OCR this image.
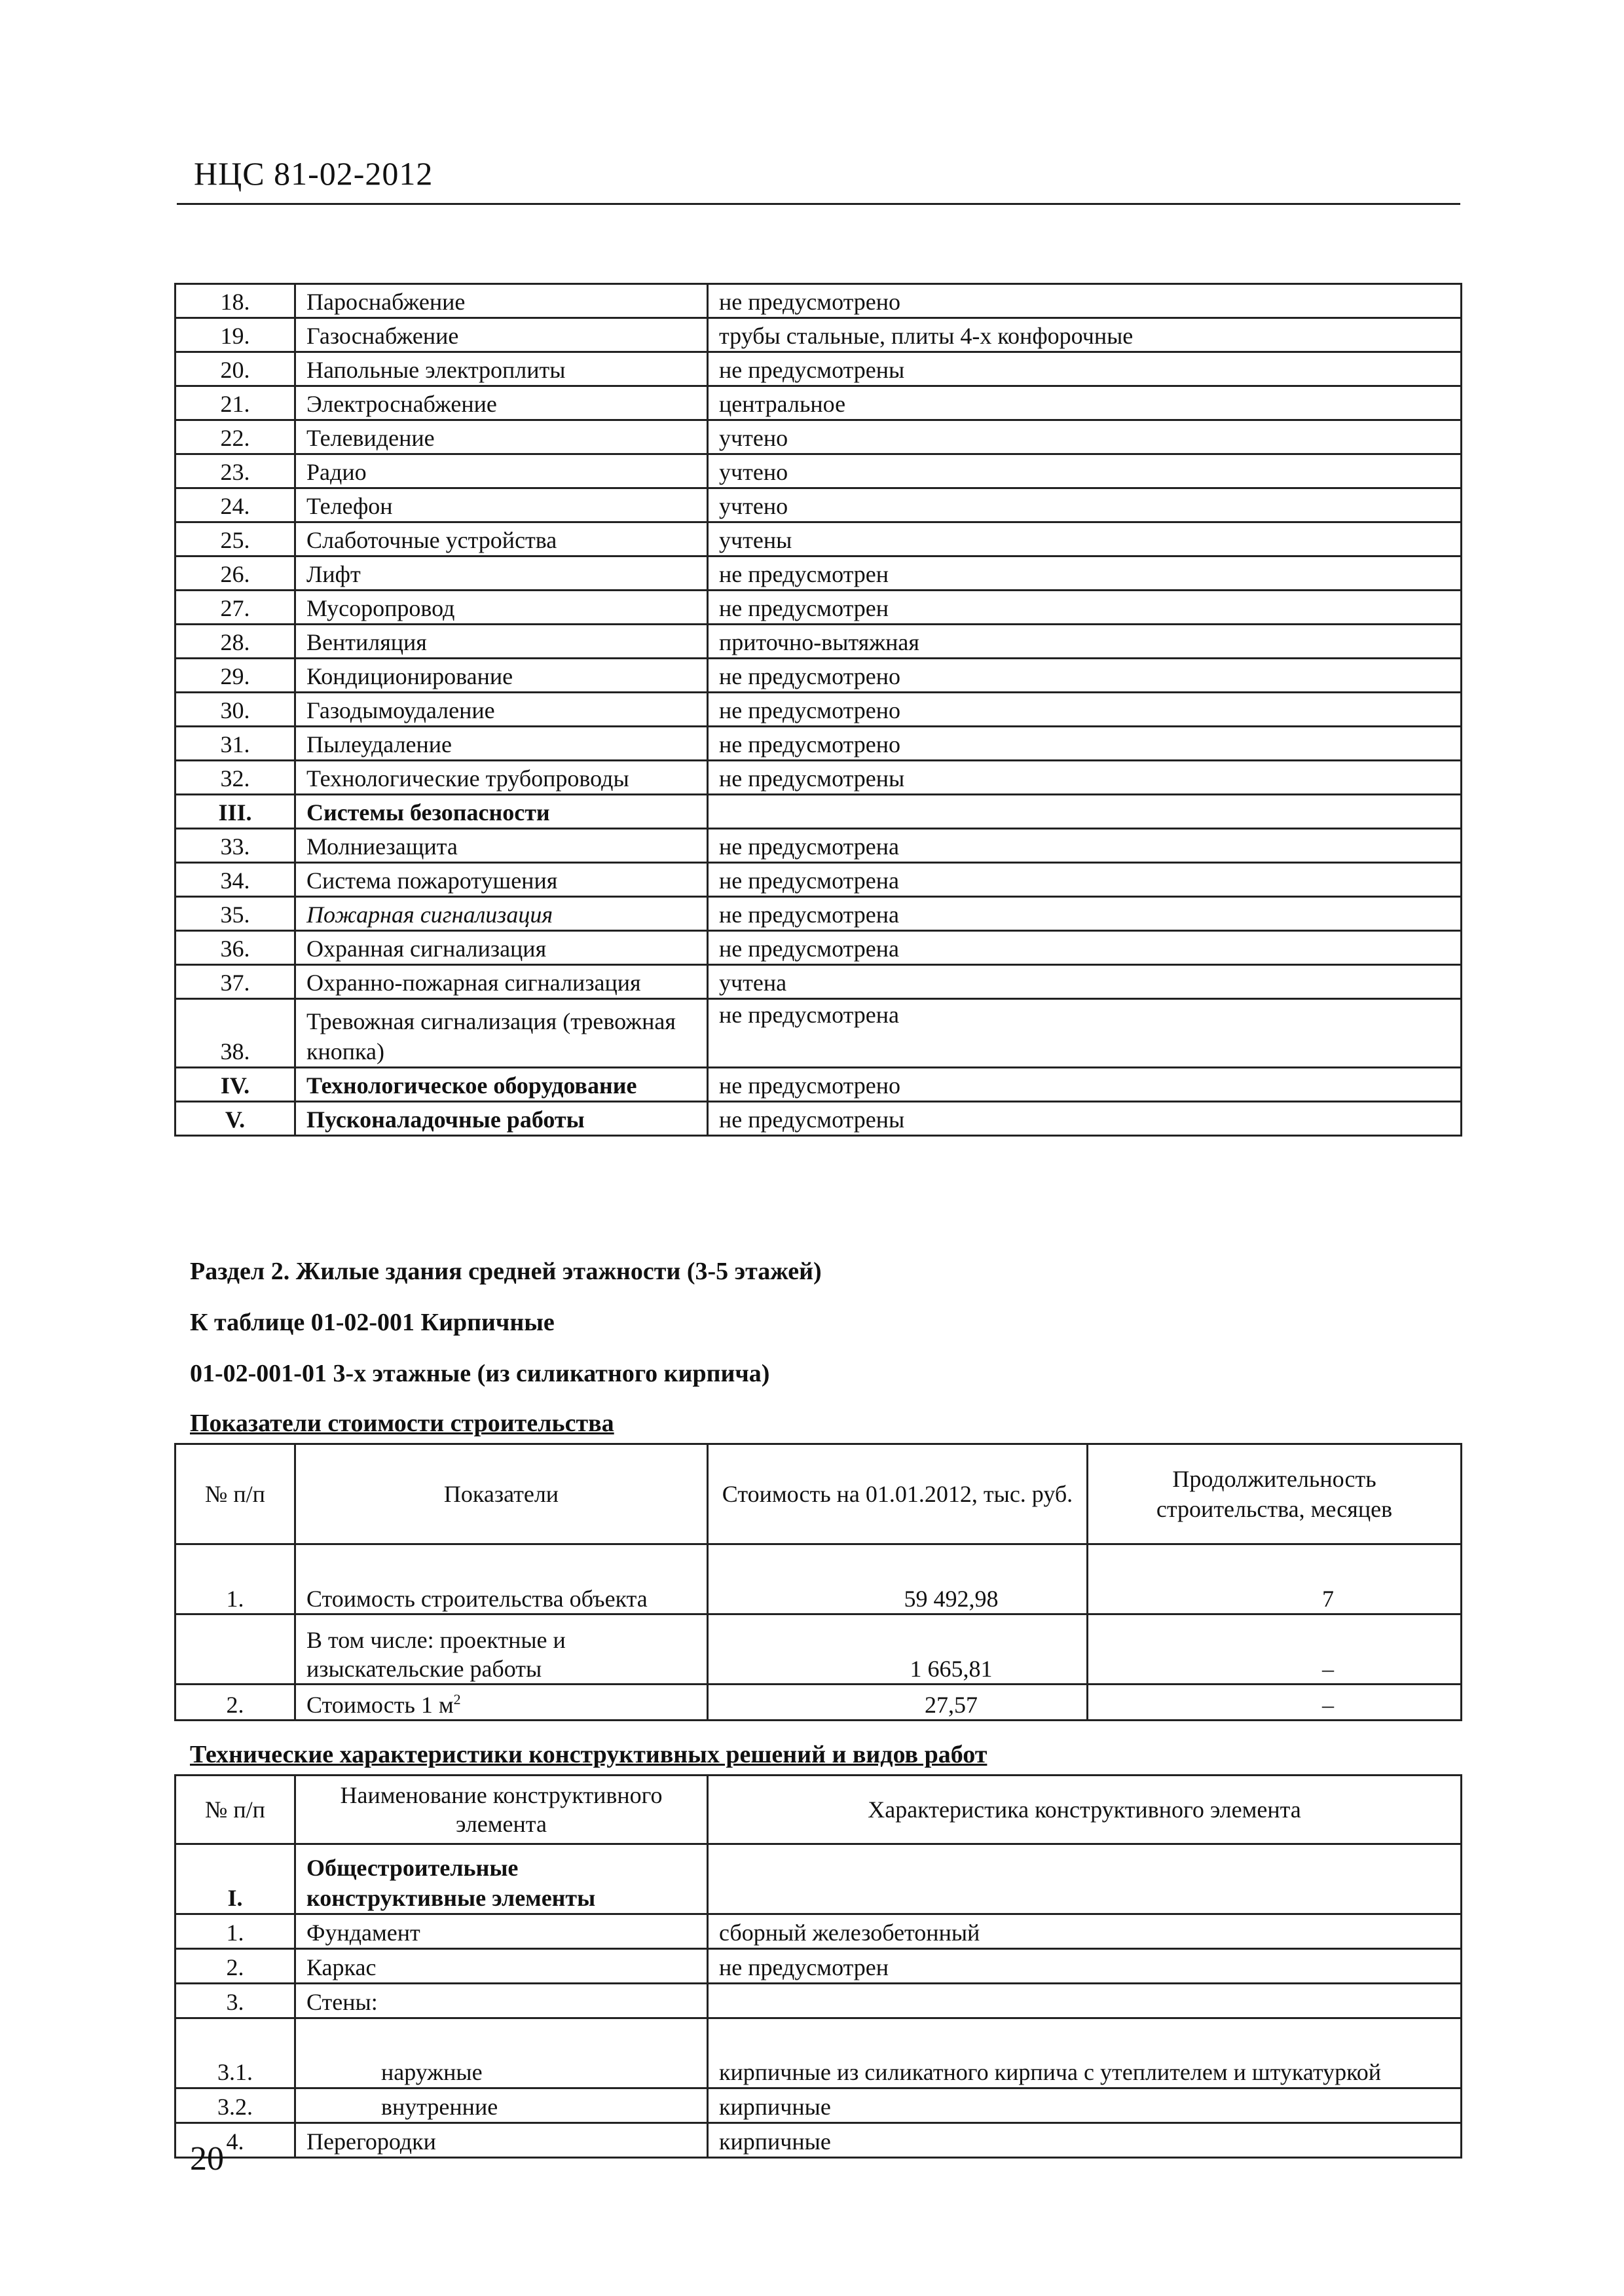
НЦС 81-02-2012
18.	Пароснабжение	не предусмотрено
19.	Газоснабжение	трубы стальные, плиты 4-х конфорочные
20.	Напольные электроплиты	не предусмотрены
21.	Электроснабжение	центральное
22.	Телевидение	учтено
23.	Радио	учтено
24.	Телефон	учтено
25.	Слаботочные устройства	учтены
26.	Лифт	не предусмотрен
27.	Мусоропровод	не предусмотрен
28.	Вентиляция	приточно-вытяжная
29.	Кондиционирование	не предусмотрено
30.	Газодымоудаление	не предусмотрено
31.	Пылеудаление	не предусмотрено
32.	Технологические трубопроводы	не предусмотрены
III.	Системы безопасности	
33.	Молниезащита	не предусмотрена
34.	Система пожаротушения	не предусмотрена
35.	Пожарная сигнализация	не предусмотрена
36.	Охранная сигнализация	не предусмотрена
37.	Охранно-пожарная сигнализация	учтена
38.	Тревожная сигнализация (тревожная кнопка)	не предусмотрена
IV.	Технологическое оборудование	не предусмотрено
V.	Пусконаладочные работы	не предусмотрены
Раздел 2. Жилые здания средней этажности (3-5 этажей)
К таблице 01-02-001 Кирпичные
01-02-001-01 3-х этажные (из силикатного кирпича)
Показатели стоимости строительства
№ п/п	Показатели	Стоимость на 01.01.2012, тыс. руб.	Продолжительность строительства, месяцев
1.	Стоимость строительства объекта	59 492,98	7
	В том числе: проектные и изыскательские работы	1 665,81	–
2.	Стоимость 1 $м^2$	27,57	–
Технические характеристики конструктивных решений и видов работ
№ п/п	Наименование конструктивного элемента	Характеристика конструктивного элемента
I.	Общестроительные конструктивные элементы	
1.	Фундамент	сборный железобетонный
2.	Каркас	не предусмотрен
3.	Стены:	
3.1.	наружные	кирпичные из силикатного кирпича с утеплителем и штукатуркой
3.2.	внутренние	кирпичные
4.	Перегородки	кирпичные
20
